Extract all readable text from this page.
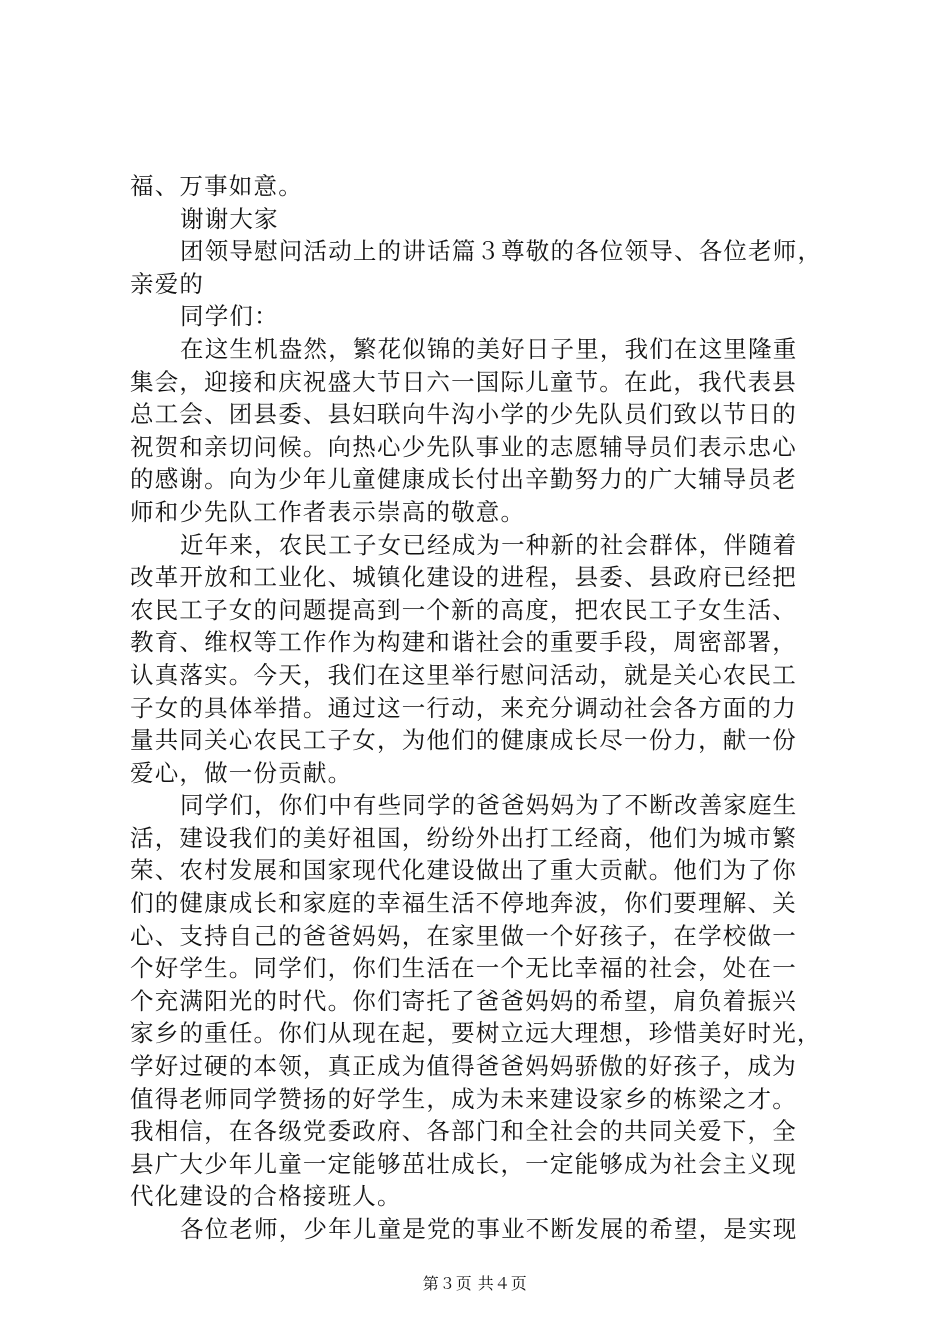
福、万事如意。
谢谢大家
团领导慰问活动上的讲话篇３尊敬的各位领导、各位老师，
亲爱的
同学们：
在这生机盎然，繁花似锦的美好日子里，我们在这里隆重
集会，迎接和庆祝盛大节日六一国际儿童节。在此，我代表县
总工会、团县委、县妇联向牛沟小学的少先队员们致以节日的
祝贺和亲切问候。向热心少先队事业的志愿辅导员们表示忠心
的感谢。向为少年儿童健康成长付出辛勤努力的广大辅导员老
师和少先队工作者表示崇高的敬意。
近年来，农民工子女已经成为一种新的社会群体，伴随着
改革开放和工业化、城镇化建设的进程，县委、县政府已经把
农民工子女的问题提高到一个新的高度，把农民工子女生活、
教育、维权等工作作为构建和谐社会的重要手段，周密部署，
认真落实。今天，我们在这里举行慰问活动，就是关心农民工
子女的具体举措。通过这一行动，来充分调动社会各方面的力
量共同关心农民工子女，为他们的健康成长尽一份力，献一份
爱心，做一份贡献。
同学们，你们中有些同学的爸爸妈妈为了不断改善家庭生
活，建设我们的美好祖国，纷纷外出打工经商，他们为城市繁
荣、农村发展和国家现代化建设做出了重大贡献。他们为了你
们的健康成长和家庭的幸福生活不停地奔波，你们要理解、关
心、支持自己的爸爸妈妈，在家里做一个好孩子，在学校做一
个好学生。同学们，你们生活在一个无比幸福的社会，处在一
个充满阳光的时代。你们寄托了爸爸妈妈的希望，肩负着振兴
家乡的重任。你们从现在起，要树立远大理想，珍惜美好时光，
学好过硬的本领，真正成为值得爸爸妈妈骄傲的好孩子，成为
值得老师同学赞扬的好学生，成为未来建设家乡的栋梁之才。
我相信，在各级党委政府、各部门和全社会的共同关爱下，全
县广大少年儿童一定能够茁壮成长，一定能够成为社会主义现
代化建设的合格接班人。
各位老师，少年儿童是党的事业不断发展的希望，是实现
第３页 共４页
